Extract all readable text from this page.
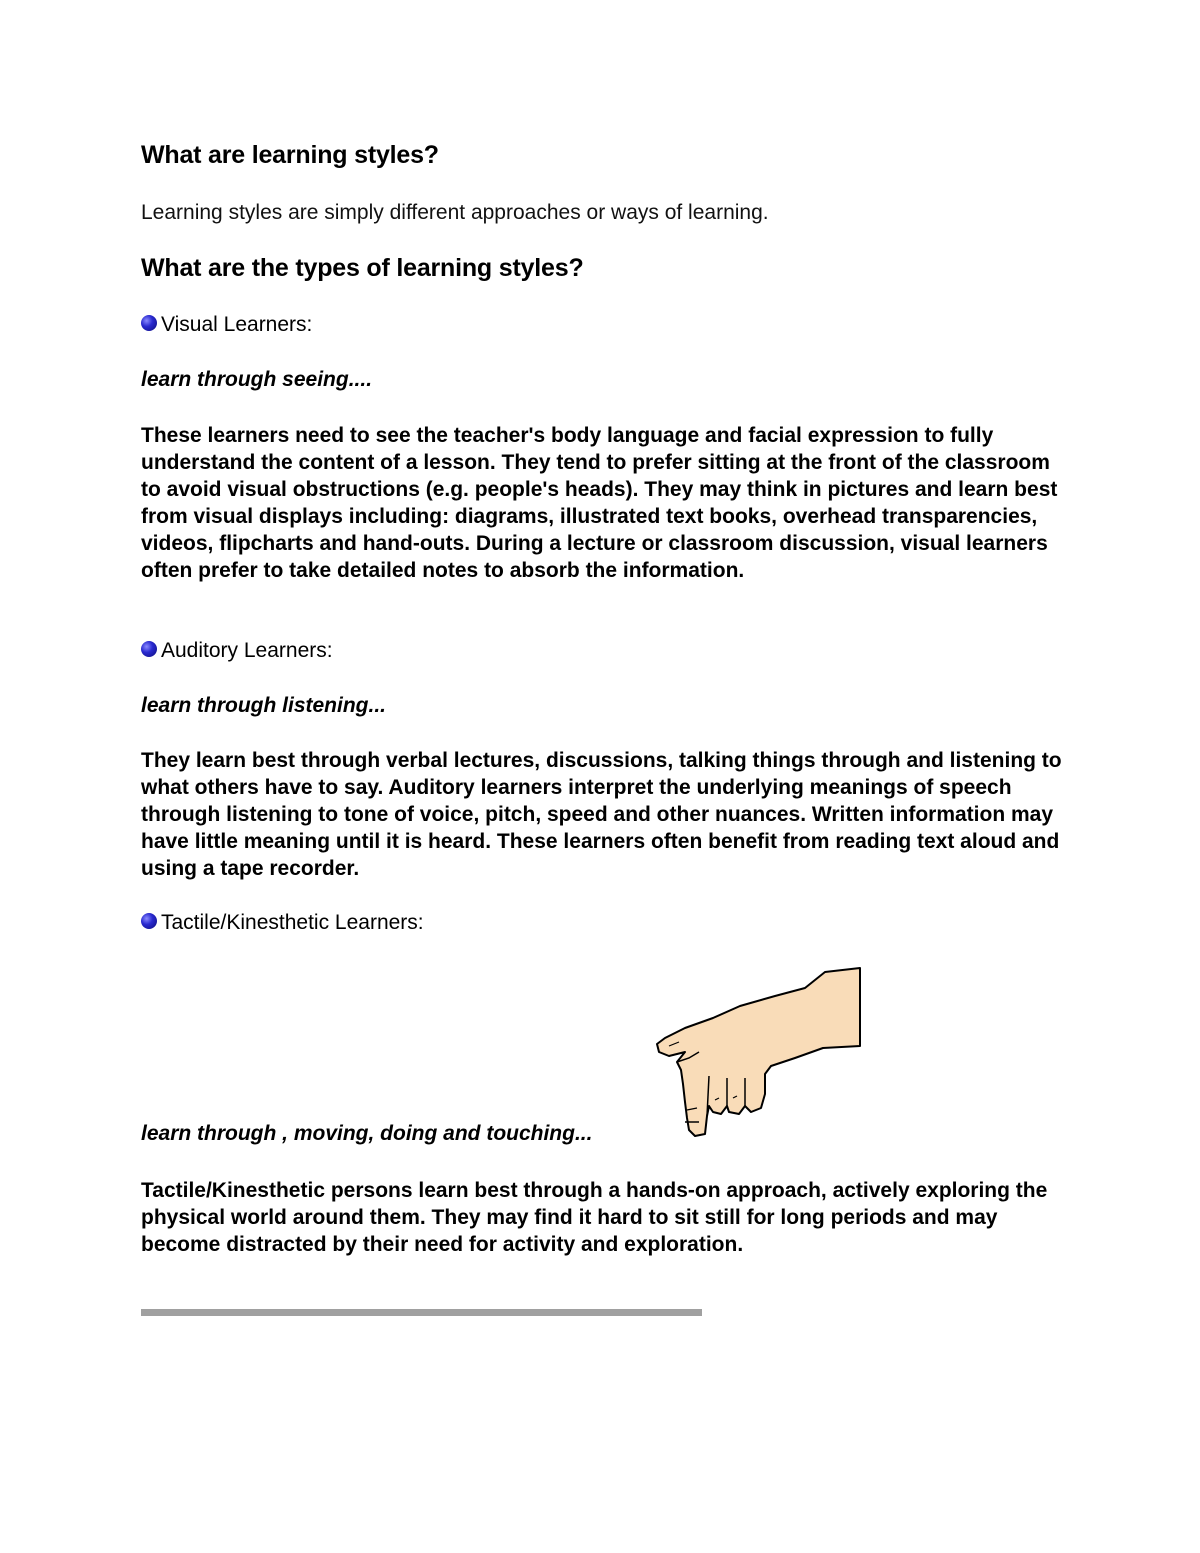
What are learning styles?

Learning styles are simply different approaches or ways of learning.

What are the types of learning styles?
Visual Learners:
learn through seeing....

These learners need to see the teacher's body language and facial expression to fully understand the content of a lesson. They tend to prefer sitting at the front of the classroom to avoid visual obstructions (e.g. people's heads). They may think in pictures and learn best from visual displays including: diagrams, illustrated text books, overhead transparencies, videos, flipcharts and hand-outs. During a lecture or classroom discussion, visual learners often prefer to take detailed notes to absorb the information.

Auditory Learners:
learn through listening...

They learn best through verbal lectures, discussions, talking things through and listening to what others have to say. Auditory learners interpret the underlying meanings of speech through listening to tone of voice, pitch, speed and other nuances. Written information may have little meaning until it is heard. These learners often benefit from reading text aloud and using a tape recorder.

Tactile/Kinesthetic Learners:
learn through , moving, doing and touching...

Tactile/Kinesthetic persons learn best through a hands-on approach, actively exploring the physical world around them. They may find it hard to sit still for long periods and may become distracted by their need for activity and exploration.
